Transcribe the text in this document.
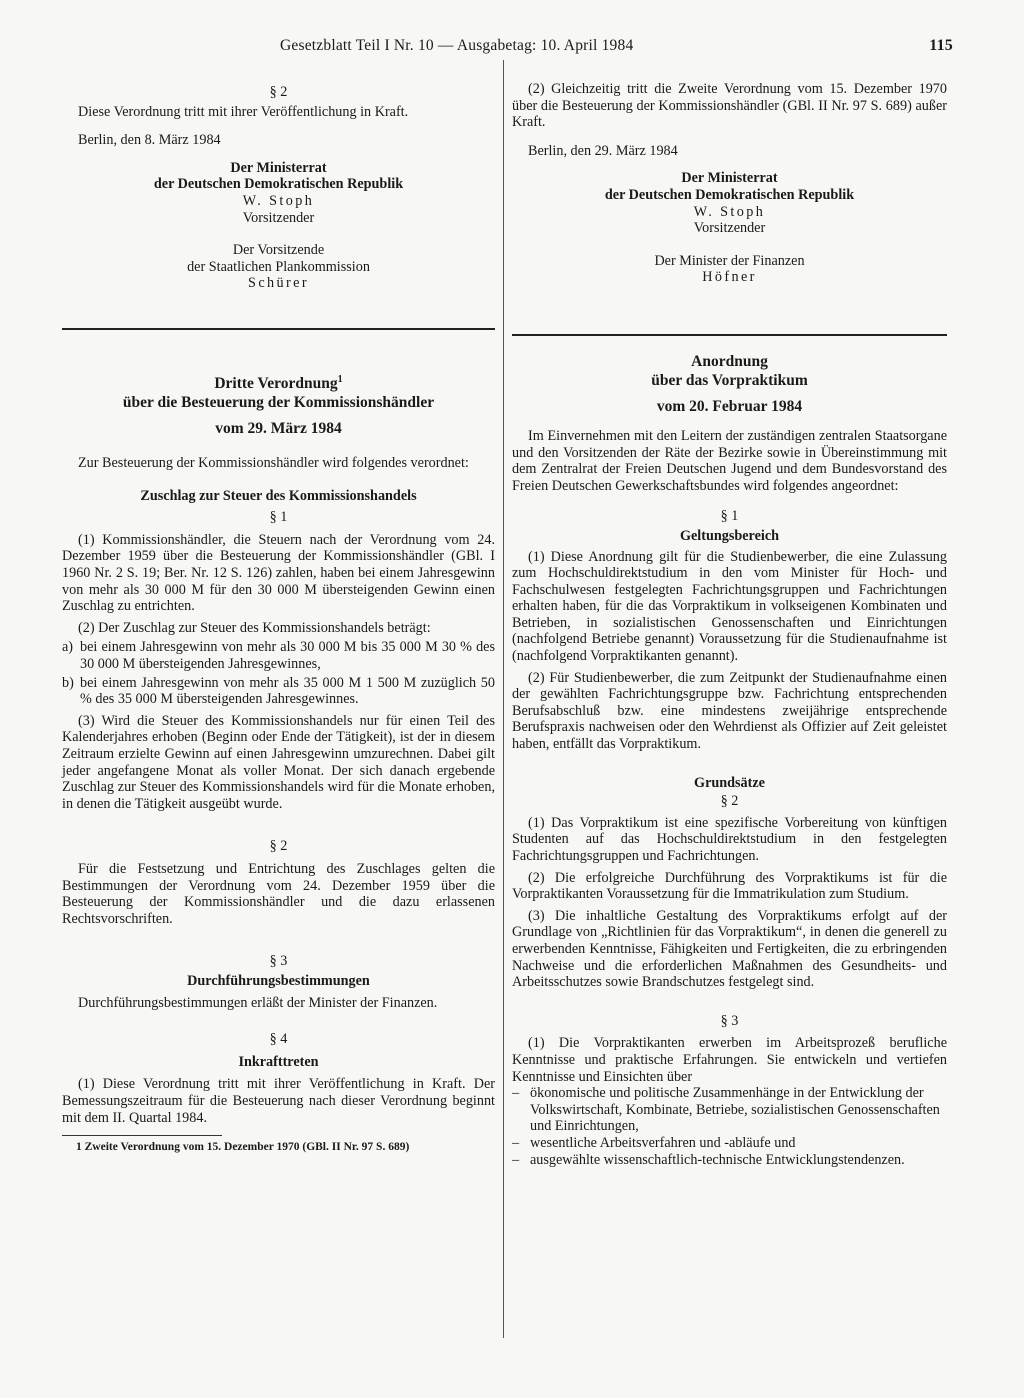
Gesetzblatt Teil I Nr. 10 — Ausgabetag: 10. April 1984	115

§ 2

Diese Verordnung tritt mit ihrer Veröffentlichung in Kraft.

Berlin, den 8. März 1984

Der Ministerrat

der Deutschen Demokratischen Republik

W. Stoph

Vorsitzender

Der Vorsitzende

der Staatlichen Plankommission

Schürer

Dritte Verordnung$^1$

über die Besteuerung der Kommissionshändler

vom 29. März 1984

Zur Besteuerung der Kommissionshändler wird folgendes verordnet:

Zuschlag zur Steuer des Kommissionshandels

§ 1

(1) Kommissionshändler, die Steuern nach der Verordnung vom 24. Dezember 1959 über die Besteuerung der Kommissionshändler (GBl. I 1960 Nr. 2 S. 19; Ber. Nr. 12 S. 126) zahlen, haben bei einem Jahresgewinn von mehr als 30 000 M für den 30 000 M übersteigenden Gewinn einen Zuschlag zu entrichten.

(2) Der Zuschlag zur Steuer des Kommissionshandels beträgt:

a) bei einem Jahresgewinn von mehr als 30 000 M bis 35 000 M 30 % des 30 000 M übersteigenden Jahresgewinnes,
b) bei einem Jahresgewinn von mehr als 35 000 M 1 500 M zuzüglich 50 % des 35 000 M übersteigenden Jahresgewinnes.

(3) Wird die Steuer des Kommissionshandels nur für einen Teil des Kalenderjahres erhoben (Beginn oder Ende der Tätigkeit), ist der in diesem Zeitraum erzielte Gewinn auf einen Jahresgewinn umzurechnen. Dabei gilt jeder angefangene Monat als voller Monat. Der sich danach ergebende Zuschlag zur Steuer des Kommissionshandels wird für die Monate erhoben, in denen die Tätigkeit ausgeübt wurde.

§ 2

Für die Festsetzung und Entrichtung des Zuschlages gelten die Bestimmungen der Verordnung vom 24. Dezember 1959 über die Besteuerung der Kommissionshändler und die dazu erlassenen Rechtsvorschriften.

§ 3

Durchführungsbestimmungen

Durchführungsbestimmungen erläßt der Minister der Finanzen.

§ 4

Inkrafttreten

(1) Diese Verordnung tritt mit ihrer Veröffentlichung in Kraft. Der Bemessungszeitraum für die Besteuerung nach dieser Verordnung beginnt mit dem II. Quartal 1984.

1 Zweite Verordnung vom 15. Dezember 1970 (GBl. II Nr. 97 S. 689)

(2) Gleichzeitig tritt die Zweite Verordnung vom 15. Dezember 1970 über die Besteuerung der Kommissionshändler (GBl. II Nr. 97 S. 689) außer Kraft.

Berlin, den 29. März 1984

Der Ministerrat

der Deutschen Demokratischen Republik

W. Stoph

Vorsitzender

Der Minister der Finanzen

Höfner

Anordnung

über das Vorpraktikum

vom 20. Februar 1984

Im Einvernehmen mit den Leitern der zuständigen zentralen Staatsorgane und den Vorsitzenden der Räte der Bezirke sowie in Übereinstimmung mit dem Zentralrat der Freien Deutschen Jugend und dem Bundesvorstand des Freien Deutschen Gewerkschaftsbundes wird folgendes angeordnet:

§ 1

Geltungsbereich

(1) Diese Anordnung gilt für die Studienbewerber, die eine Zulassung zum Hochschuldirektstudium in den vom Minister für Hoch- und Fachschulwesen festgelegten Fachrichtungsgruppen und Fachrichtungen erhalten haben, für die das Vorpraktikum in volkseigenen Kombinaten und Betrieben, in sozialistischen Genossenschaften und Einrichtungen (nachfolgend Betriebe genannt) Voraussetzung für die Studienaufnahme ist (nachfolgend Vorpraktikanten genannt).

(2) Für Studienbewerber, die zum Zeitpunkt der Studienaufnahme einen der gewählten Fachrichtungsgruppe bzw. Fachrichtung entsprechenden Berufsabschluß bzw. eine mindestens zweijährige entsprechende Berufspraxis nachweisen oder den Wehrdienst als Offizier auf Zeit geleistet haben, entfällt das Vorpraktikum.

Grundsätze

§ 2

(1) Das Vorpraktikum ist eine spezifische Vorbereitung von künftigen Studenten auf das Hochschuldirektstudium in den festgelegten Fachrichtungsgruppen und Fachrichtungen.

(2) Die erfolgreiche Durchführung des Vorpraktikums ist für die Vorpraktikanten Voraussetzung für die Immatrikulation zum Studium.

(3) Die inhaltliche Gestaltung des Vorpraktikums erfolgt auf der Grundlage von „Richtlinien für das Vorpraktikum“, in denen die generell zu erwerbenden Kenntnisse, Fähigkeiten und Fertigkeiten, die zu erbringenden Nachweise und die erforderlichen Maßnahmen des Gesundheits- und Arbeitsschutzes sowie Brandschutzes festgelegt sind.

§ 3

(1) Die Vorpraktikanten erwerben im Arbeitsprozeß berufliche Kenntnisse und praktische Erfahrungen. Sie entwickeln und vertiefen Kenntnisse und Einsichten über

– ökonomische und politische Zusammenhänge in der Entwicklung der Volkswirtschaft, Kombinate, Betriebe, sozialistischen Genossenschaften und Einrichtungen,
– wesentliche Arbeitsverfahren und -abläufe und
– ausgewählte wissenschaftlich-technische Entwicklungstendenzen.
